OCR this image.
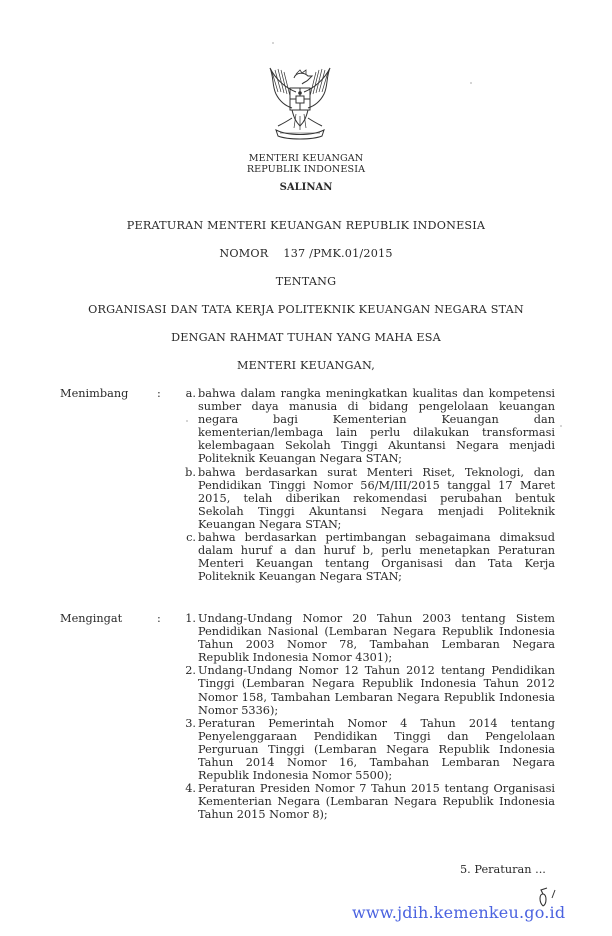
MENTERI KEUANGAN
REPUBLIK INDONESIA
SALINAN
PERATURAN MENTERI KEUANGAN REPUBLIK INDONESIA
NOMOR 137 /PMK.01/2015
TENTANG
ORGANISASI DAN TATA KERJA POLITEKNIK KEUANGAN NEGARA STAN
DENGAN RAHMAT TUHAN YANG MAHA ESA
MENTERI KEUANGAN,
Menimbang	:	a. bahwa dalam rangka meningkatkan kualitas dan kompetensi sumber daya manusia di bidang pengelolaan keuangan negara bagi Kementerian Keuangan dan kementerian/lembaga lain perlu dilakukan transformasi kelembagaan Sekolah Tinggi Akuntansi Negara menjadi Politeknik Keuangan Negara STAN;
b. bahwa berdasarkan surat Menteri Riset, Teknologi, dan Pendidikan Tinggi Nomor 56/M/III/2015 tanggal 17 Maret 2015, telah diberikan rekomendasi perubahan bentuk Sekolah Tinggi Akuntansi Negara menjadi Politeknik Keuangan Negara STAN;
c. bahwa berdasarkan pertimbangan sebagaimana dimaksud dalam huruf a dan huruf b, perlu menetapkan Peraturan Menteri Keuangan tentang Organisasi dan Tata Kerja Politeknik Keuangan Negara STAN;
Mengingat	:	1. Undang-Undang Nomor 20 Tahun 2003 tentang Sistem Pendidikan Nasional (Lembaran Negara Republik Indonesia Tahun 2003 Nomor 78, Tambahan Lembaran Negara Republik Indonesia Nomor 4301);
2. Undang-Undang Nomor 12 Tahun 2012 tentang Pendidikan Tinggi (Lembaran Negara Republik Indonesia Tahun 2012 Nomor 158, Tambahan Lembaran Negara Republik Indonesia Nomor 5336);
3. Peraturan Pemerintah Nomor 4 Tahun 2014 tentang Penyelenggaraan Pendidikan Tinggi dan Pengelolaan Perguruan Tinggi (Lembaran Negara Republik Indonesia Tahun 2014 Nomor 16, Tambahan Lembaran Negara Republik Indonesia Nomor 5500);
4. Peraturan Presiden Nomor 7 Tahun 2015 tentang Organisasi Kementerian Negara (Lembaran Negara Republik Indonesia Tahun 2015 Nomor 8);
5. Peraturan ...
www.jdih.kemenkeu.go.id
